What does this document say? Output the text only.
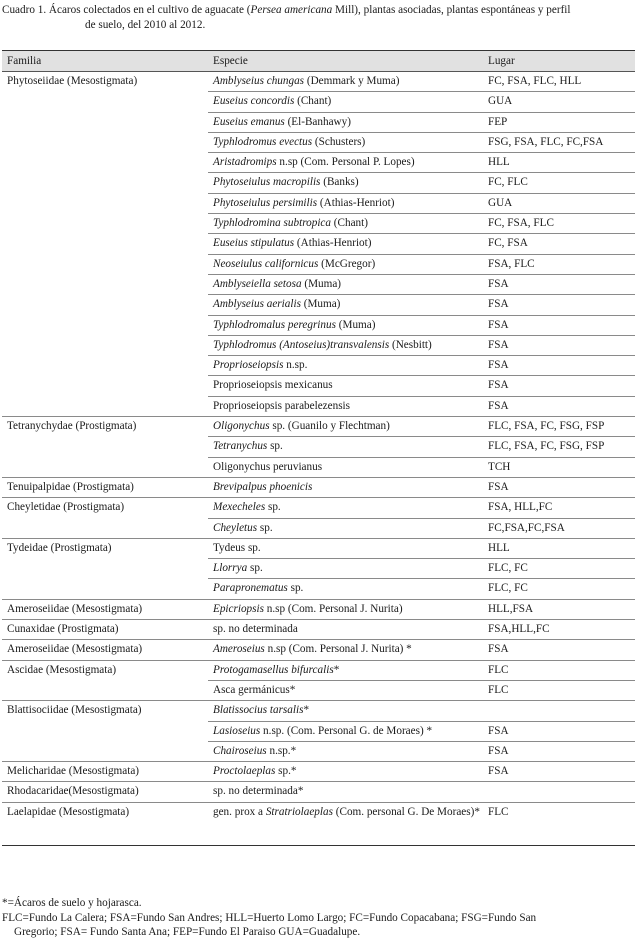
Cuadro 1. Ácaros colectados en el cultivo de aguacate (Persea americana Mill), plantas asociadas, plantas espontáneas y perfil
de suelo, del 2010 al 2012.
Familia	Especie	Lugar
Phytoseiidae (Mesostigmata)	Amblyseius chungas (Demmark y Muma)	FC, FSA, FLC, HLL
	Euseius concordis (Chant)	GUA
	Euseius emanus (El-Banhawy)	FEP
	Typhlodromus evectus (Schusters)	FSG, FSA, FLC, FC,FSA
	Aristadromips n.sp (Com. Personal P. Lopes)	HLL
	Phytoseiulus macropilis (Banks)	FC, FLC
	Phytoseiulus persimilis (Athias-Henriot)	GUA
	Typhlodromina subtropica (Chant)	FC, FSA, FLC
	Euseius stipulatus (Athias-Henriot)	FC, FSA
	Neoseiulus californicus (McGregor)	FSA, FLC
	Amblyseiella setosa (Muma)	FSA
	Amblyseius aerialis (Muma)	FSA
	Typhlodromalus peregrinus (Muma)	FSA
	Typhlodromus (Antoseius)transvalensis (Nesbitt)	FSA
	Proprioseiopsis n.sp.	FSA
	Proprioseiopsis mexicanus	FSA
	Proprioseiopsis parabelezensis	FSA
Tetranychydae (Prostigmata)	Oligonychus sp. (Guanilo y Flechtman)	FLC, FSA, FC, FSG, FSP
	Tetranychus sp.	FLC, FSA, FC, FSG, FSP
	Oligonychus peruvianus	TCH
Tenuipalpidae (Prostigmata)	Brevipalpus phoenicis	FSA
Cheyletidae (Prostigmata)	Mexecheles sp.	FSA, HLL,FC
	Cheyletus sp.	FC,FSA,FC,FSA
Tydeidae (Prostigmata)	Tydeus sp.	HLL
	Llorrya sp.	FLC, FC
	Parapronematus sp.	FLC, FC
Ameroseiidae (Mesostigmata)	Epicriopsis n.sp (Com. Personal J. Nurita)	HLL,FSA
Cunaxidae (Prostigmata)	sp. no determinada	FSA,HLL,FC
Ameroseiidae (Mesostigmata)	Ameroseius n.sp (Com. Personal J. Nurita) *	FSA
Ascidae (Mesostigmata)	Protogamasellus bifurcalis*	FLC
	Asca germánicus*	FLC
Blattisociidae (Mesostigmata)	Blatissocius tarsalis*	
	Lasioseius n.sp. (Com. Personal G. de Moraes) *	FSA
	Chairoseius n.sp.*	FSA
Melicharidae (Mesostigmata)	Proctolaeplas sp.*	FSA
Rhodacaridae(Mesostigmata)	sp. no determinada*	
Laelapidae (Mesostigmata)	gen. prox a Stratriolaeplas (Com. personal G. De Moraes)*	FLC
*=Ácaros de suelo y hojarasca.
FLC=Fundo La Calera; FSA=Fundo San Andres; HLL=Huerto Lomo Largo; FC=Fundo Copacabana; FSG=Fundo San
Gregorio; FSA= Fundo Santa Ana; FEP=Fundo El Paraiso GUA=Guadalupe.
